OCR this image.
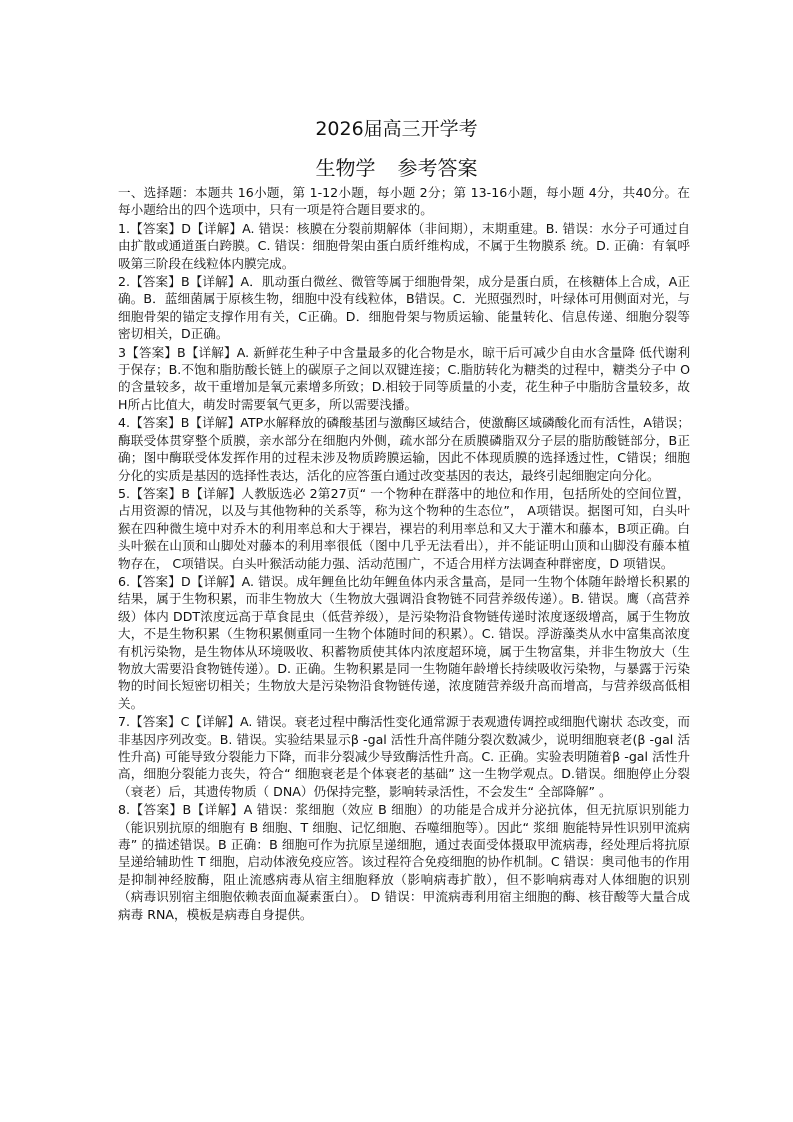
2026届高三开学考
生物学 参考答案

一、选择题：本题共 16小题，第 1-12小题，每小题 2分；第 13-16小题，每小题 4分，共40分。在每小题给出的四个选项中，只有一项是符合题目要求的。

1.【答案】D【详解】A. 错误：核膜在分裂前期解体（非间期），末期重建。B. 错误：水分子可通过自由扩散或通道蛋白跨膜。C. 错误：细胞骨架由蛋白质纤维构成，不属于生物膜系 统。D. 正确：有氧呼吸第三阶段在线粒体内膜完成。

2.【答案】B【详解】A．肌动蛋白微丝、微管等属于细胞骨架，成分是蛋白质，在核糖体上合成，A正确。B．蓝细菌属于原核生物，细胞中没有线粒体，B错误。C．光照强烈时，叶绿体可用侧面对光，与细胞骨架的锚定支撑作用有关，C正确。D．细胞骨架与物质运输、能量转化、信息传递、细胞分裂等密切相关，D正确。

3【答案】B【详解】A. 新鲜花生种子中含量最多的化合物是水，晾干后可减少自由水含量降 低代谢利于保存；B.不饱和脂肪酸长链上的碳原子之间以双键连接；C.脂肪转化为糖类的过程中，糖类分子中 O的含量较多，故干重增加是氧元素增多所致；D.相较于同等质量的小麦，花生种子中脂肪含量较多，故 H所占比值大，萌发时需要氧气更多，所以需要浅播。

4.【答案】B【详解】ATP水解释放的磷酸基团与激酶区域结合，使激酶区域磷酸化而有活性，A错误；酶联受体贯穿整个质膜，亲水部分在细胞内外侧，疏水部分在质膜磷脂双分子层的脂肪酸链部分，B正确；图中酶联受体发挥作用的过程未涉及物质跨膜运输，因此不体现质膜的选择透过性，C错误；细胞分化的实质是基因的选择性表达，活化的应答蛋白通过改变基因的表达，最终引起细胞定向分化。

5.【答案】B【详解】人教版选必 2第27页“ 一个物种在群落中的地位和作用，包括所处的空间位置，占用资源的情况，以及与其他物种的关系等，称为这个物种的生态位”， A项错误。据图可知，白头叶猴在四种微生境中对乔木的利用率总和大于裸岩，裸岩的利用率总和又大于灌木和藤本，B项正确。白头叶猴在山顶和山脚处对藤本的利用率很低（图中几乎无法看出），并不能证明山顶和山脚没有藤本植物存在， C项错误。白头叶猴活动能力强、活动范围广，不适合用样方法调查种群密度，D 项错误。

6.【答案】D【详解】A. 错误。成年鲤鱼比幼年鲤鱼体内汞含量高，是同一生物个体随年龄增长积累的结果，属于生物积累，而非生物放大（生物放大强调沿食物链不同营养级传递）。B. 错误。鹰（高营养级）体内 DDT浓度远高于草食昆虫（低营养级），是污染物沿食物链传递时浓度逐级增高，属于生物放大，不是生物积累（生物积累侧重同一生物个体随时间的积累）。C. 错误。浮游藻类从水中富集高浓度有机污染物，是生物体从环境吸收、积蓄物质使其体内浓度超环境，属于生物富集，并非生物放大（生物放大需要沿食物链传递）。D. 正确。生物积累是同一生物随年龄增长持续吸收污染物，与暴露于污染物的时间长短密切相关；生物放大是污染物沿食物链传递，浓度随营养级升高而增高，与营养级高低相关。

7.【答案】C【详解】A. 错误。衰老过程中酶活性变化通常源于表观遗传调控或细胞代谢状 态改变，而非基因序列改变。B. 错误。实验结果显示β -gal 活性升高伴随分裂次数减少，说明细胞衰老(β -gal 活性升高) 可能导致分裂能力下降，而非分裂减少导致酶活性升高。C. 正确。实验表明随着β -gal 活性升高，细胞分裂能力丧失，符合“ 细胞衰老是个体衰老的基础” 这一生物学观点。D.错误。细胞停止分裂（衰老）后，其遗传物质（ DNA）仍保持完整，影响转录活性，不会发生“ 全部降解” 。

8.【答案】B【详解】A 错误：浆细胞（效应 B 细胞）的功能是合成并分泌抗体，但无抗原识别能力（能识别抗原的细胞有 B 细胞、T 细胞、记忆细胞、吞噬细胞等）。因此“ 浆细 胞能特异性识别甲流病毒” 的描述错误。B 正确：B 细胞可作为抗原呈递细胞，通过表面受体摄取甲流病毒，经处理后将抗原呈递给辅助性 T 细胞，启动体液免疫应答。该过程符合免疫细胞的协作机制。C 错误：奥司他韦的作用是抑制神经胺酶，阻止流感病毒从宿主细胞释放（影响病毒扩散），但不影响病毒对人体细胞的识别（病毒识别宿主细胞依赖表面血凝素蛋白）。 D 错误：甲流病毒利用宿主细胞的酶、核苷酸等大量合成病毒 RNA，模板是病毒自身提供。
